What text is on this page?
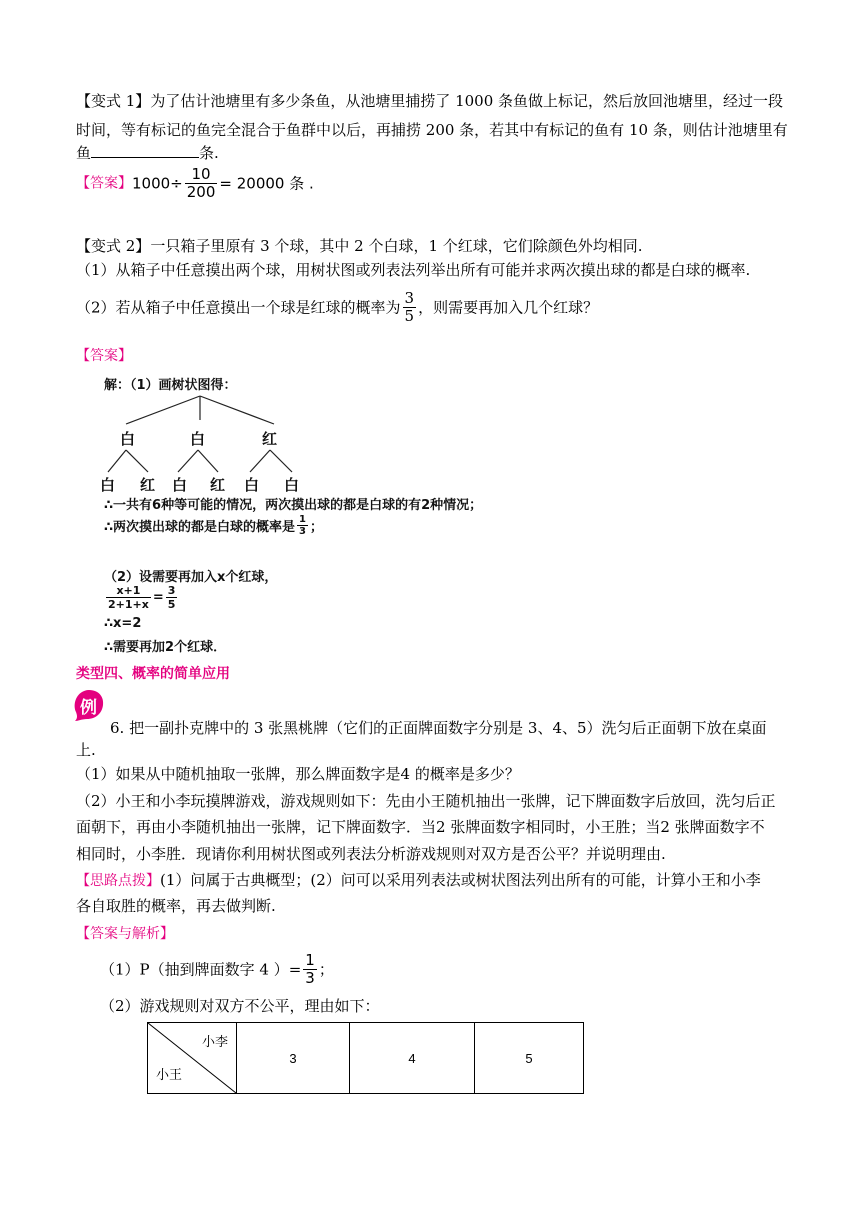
【变式 1】为了估计池塘里有多少条鱼，从池塘里捕捞了 1000 条鱼做上标记，然后放回池塘里，经过一段
时间，等有标记的鱼完全混合于鱼群中以后，再捕捞 200 条，若其中有标记的鱼有 10 条，则估计池塘里有
鱼	条.
【答案】$1000\div \frac{10}{200} = 20000$ 条 .
【变式 2】一只箱子里原有 3 个球，其中 2 个白球，1 个红球，它们除颜色外均相同.
（1）从箱子中任意摸出两个球，用树状图或列表法列举出所有可能并求两次摸出球的都是白球的概率.
（2）若从箱子中任意摸出一个球是红球的概率为 $\frac{3}{5}$ ，则需要再加入几个红球？
【答案】
解：（1）画树状图得：
白	白	红
白 红 白 红 白 白
∴一共有6种等可能的情况，两次摸出球的都是白球的有2种情况；
∴两次摸出球的都是白球的概率是 $\frac{1}{3}$ ；
（2）设需要再加入x个红球，
$\frac{x+1}{2+1+x} = \frac{3}{5}$
∴x=2
∴需要再加2个红球．
类型四、概率的简单应用
例
6. 把一副扑克牌中的 3 张黑桃牌（它们的正面牌面数字分别是 3、4、5）洗匀后正面朝下放在桌面
上.
（1）如果从中随机抽取一张牌，那么牌面数字是4 的概率是多少？
（2）小王和小李玩摸牌游戏，游戏规则如下：先由小王随机抽出一张牌，记下牌面数字后放回，洗匀后正
面朝下，再由小李随机抽出一张牌，记下牌面数字．当2 张牌面数字相同时，小王胜；当2 张牌面数字不
相同时，小李胜．现请你利用树状图或列表法分析游戏规则对双方是否公平？并说明理由.
【思路点拨】(1）问属于古典概型；(2）问可以采用列表法或树状图法列出所有的可能，计算小王和小李
各自取胜的概率，再去做判断.
【答案与解析】
（1）P（抽到牌面数字 4 ）= $\frac{1}{3}$ ；
（2）游戏规则对双方不公平，理由如下：
小李
小王
	3	4	5
